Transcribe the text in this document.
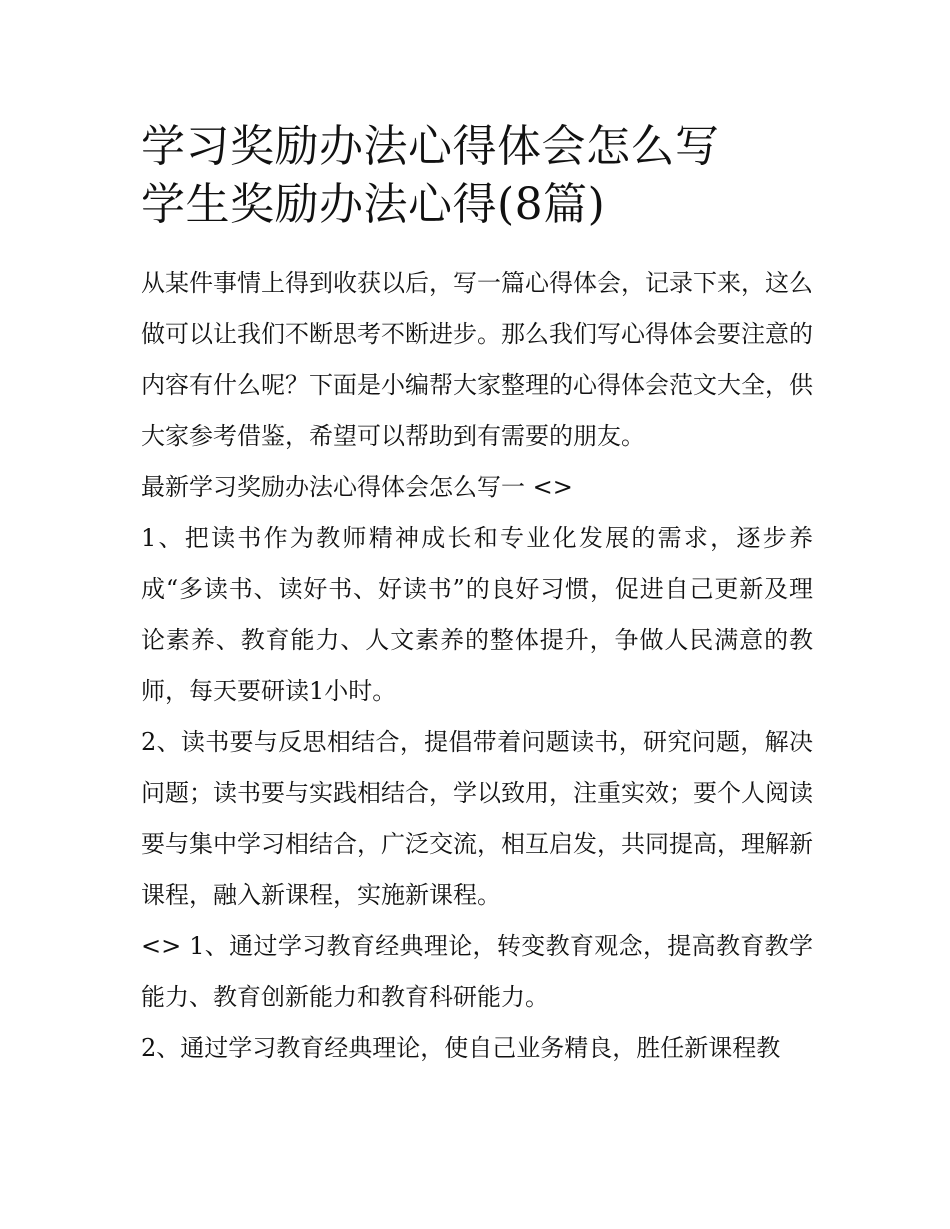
学习奖励办法心得体会怎么写
学生奖励办法心得(8篇)

从某件事情上得到收获以后，写一篇心得体会，记录下来，这么做可以让我们不断思考不断进步。那么我们写心得体会要注意的内容有什么呢？下面是小编帮大家整理的心得体会范文大全，供大家参考借鉴，希望可以帮助到有需要的朋友。

最新学习奖励办法心得体会怎么写一 <>

1、把读书作为教师精神成长和专业化发展的需求，逐步养成“多读书、读好书、好读书”的良好习惯，促进自己更新及理论素养、教育能力、人文素养的整体提升，争做人民满意的教师，每天要研读1小时。

2、读书要与反思相结合，提倡带着问题读书，研究问题，解决问题；读书要与实践相结合，学以致用，注重实效；要个人阅读要与集中学习相结合，广泛交流，相互启发，共同提高，理解新课程，融入新课程，实施新课程。

<> 1、通过学习教育经典理论，转变教育观念，提高教育教学能力、教育创新能力和教育科研能力。

2、通过学习教育经典理论，使自己业务精良，胜任新课程教
